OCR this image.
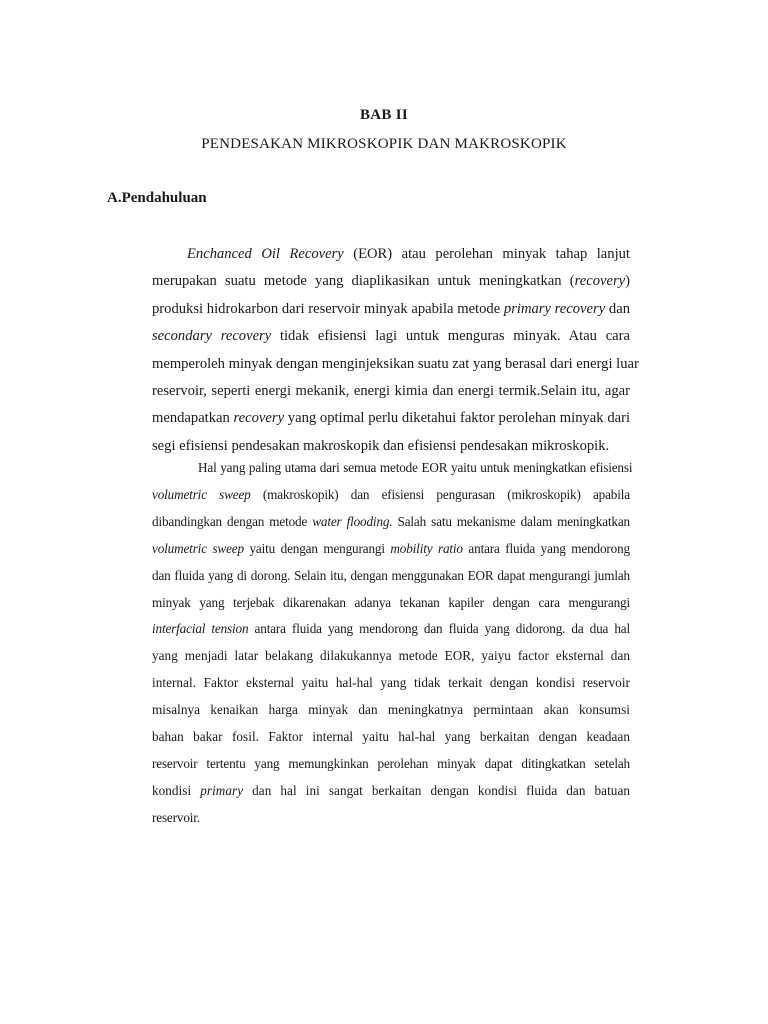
BAB II
PENDESAKAN MIKROSKOPIK DAN MAKROSKOPIK
A.Pendahuluan
Enchanced Oil Recovery (EOR) atau perolehan minyak tahap lanjut
merupakan suatu metode yang diaplikasikan untuk meningkatkan (recovery)
produksi hidrokarbon dari reservoir minyak apabila metode primary recovery dan
secondary recovery tidak efisiensi lagi untuk menguras minyak. Atau cara
memperoleh minyak dengan menginjeksikan suatu zat yang berasal dari energi luar
reservoir, seperti energi mekanik, energi kimia dan energi termik.Selain itu, agar
mendapatkan recovery yang optimal perlu diketahui faktor perolehan minyak dari
segi efisiensi pendesakan makroskopik dan efisiensi pendesakan mikroskopik.
Hal yang paling utama dari semua metode EOR yaitu untuk meningkatkan efisiensi
volumetric sweep (makroskopik) dan efisiensi pengurasan (mikroskopik) apabila
dibandingkan dengan metode water flooding. Salah satu mekanisme dalam meningkatkan
volumetric sweep yaitu dengan mengurangi mobility ratio antara fluida yang mendorong
dan fluida yang di dorong. Selain itu, dengan menggunakan EOR dapat mengurangi jumlah
minyak yang terjebak dikarenakan adanya tekanan kapiler dengan cara mengurangi
interfacial tension antara fluida yang mendorong dan fluida yang didorong. da dua hal
yang menjadi latar belakang dilakukannya metode EOR, yaiyu factor eksternal dan
internal. Faktor eksternal yaitu hal-hal yang tidak terkait dengan kondisi reservoir
misalnya kenaikan harga minyak dan meningkatnya permintaan akan konsumsi
bahan bakar fosil. Faktor internal yaitu hal-hal yang berkaitan dengan keadaan
reservoir tertentu yang memungkinkan perolehan minyak dapat ditingkatkan setelah
kondisi primary dan hal ini sangat berkaitan dengan kondisi fluida dan batuan
reservoir.
